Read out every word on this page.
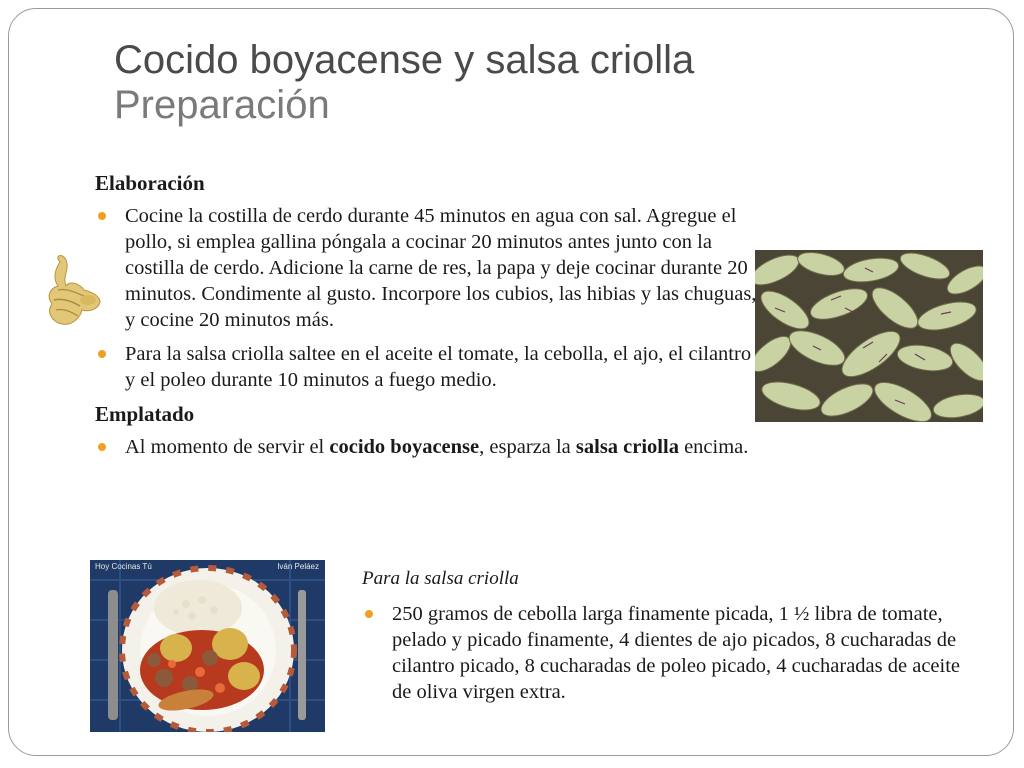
Cocido boyacense y salsa criolla
Preparación

Elaboración

Cocine la costilla de cerdo durante 45 minutos en agua con sal. Agregue el pollo, si emplea gallina póngala a cocinar 20 minutos antes junto con la costilla de cerdo. Adicione la carne de res, la papa y deje cocinar durante 20 minutos. Condimente al gusto. Incorpore los cubios, las hibias y las chuguas, y cocine 20 minutos más.
Para la salsa criolla saltee en el aceite el tomate, la cebolla, el ajo, el cilantro y el poleo durante 10 minutos a fuego medio.

Emplatado

Al momento de servir el cocido boyacense, esparza la salsa criolla encima.
Hoy Cocinas Tú	Iván Peláez

Para la salsa criolla

250 gramos de cebolla larga finamente picada, 1 ½ libra de tomate, pelado y picado finamente, 4 dientes de ajo picados, 8 cucharadas de cilantro picado, 8 cucharadas de poleo picado, 4 cucharadas de aceite de oliva virgen extra.
